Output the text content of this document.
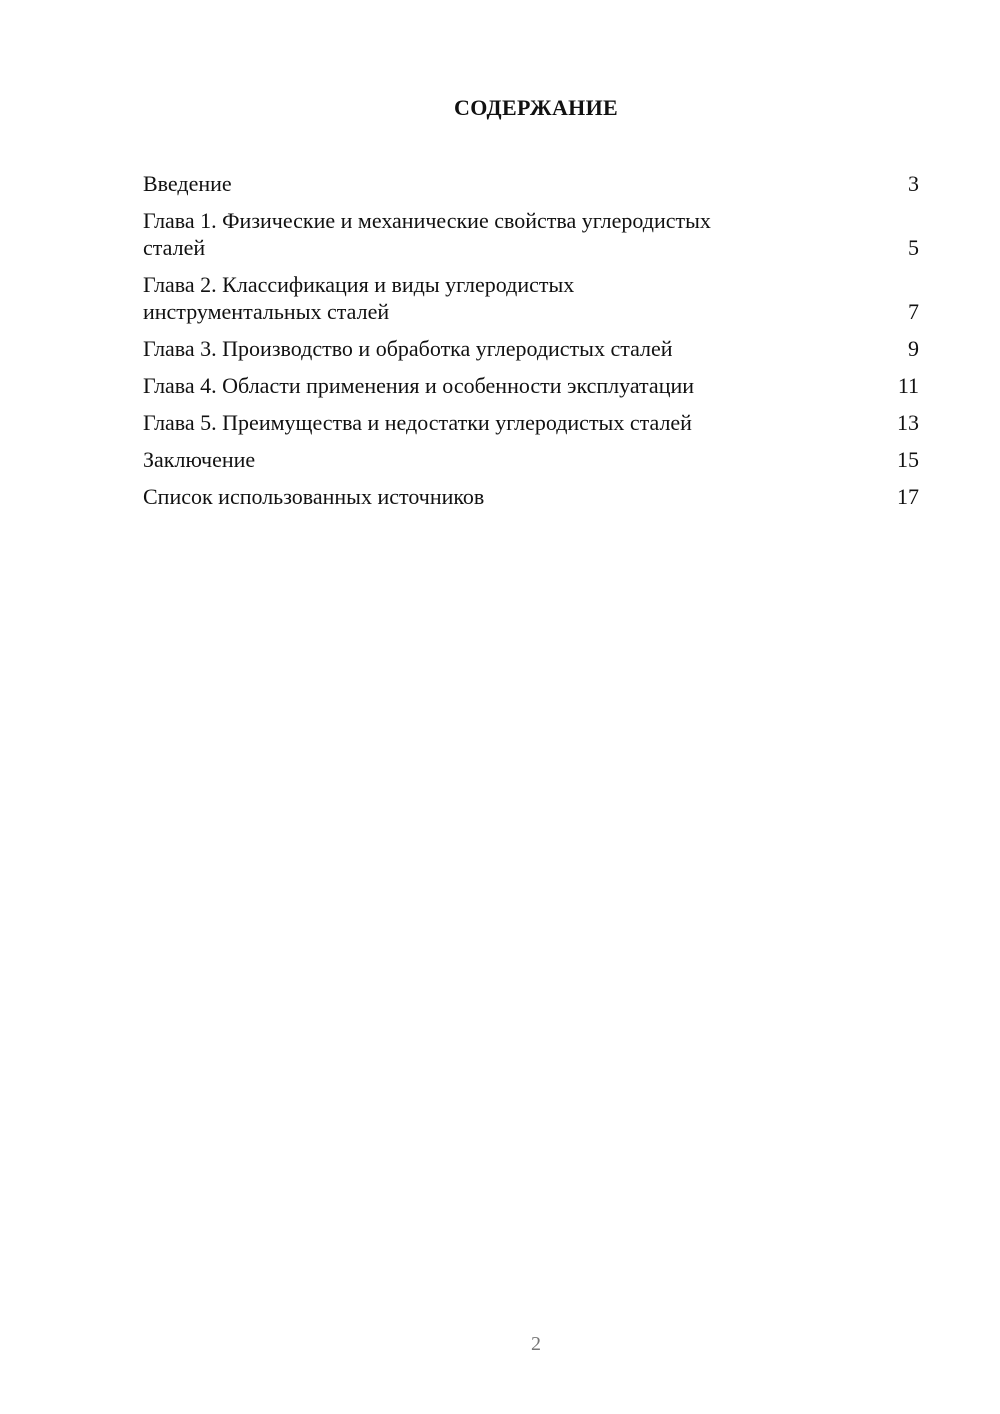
СОДЕРЖАНИЕ
Введение	3
Глава 1. Физические и механические свойства углеродистых
сталей	5
Глава 2. Классификация и виды углеродистых
инструментальных сталей	7
Глава 3. Производство и обработка углеродистых сталей	9
Глава 4. Области применения и особенности эксплуатации	11
Глава 5. Преимущества и недостатки углеродистых сталей	13
Заключение	15
Список использованных источников	17
2
